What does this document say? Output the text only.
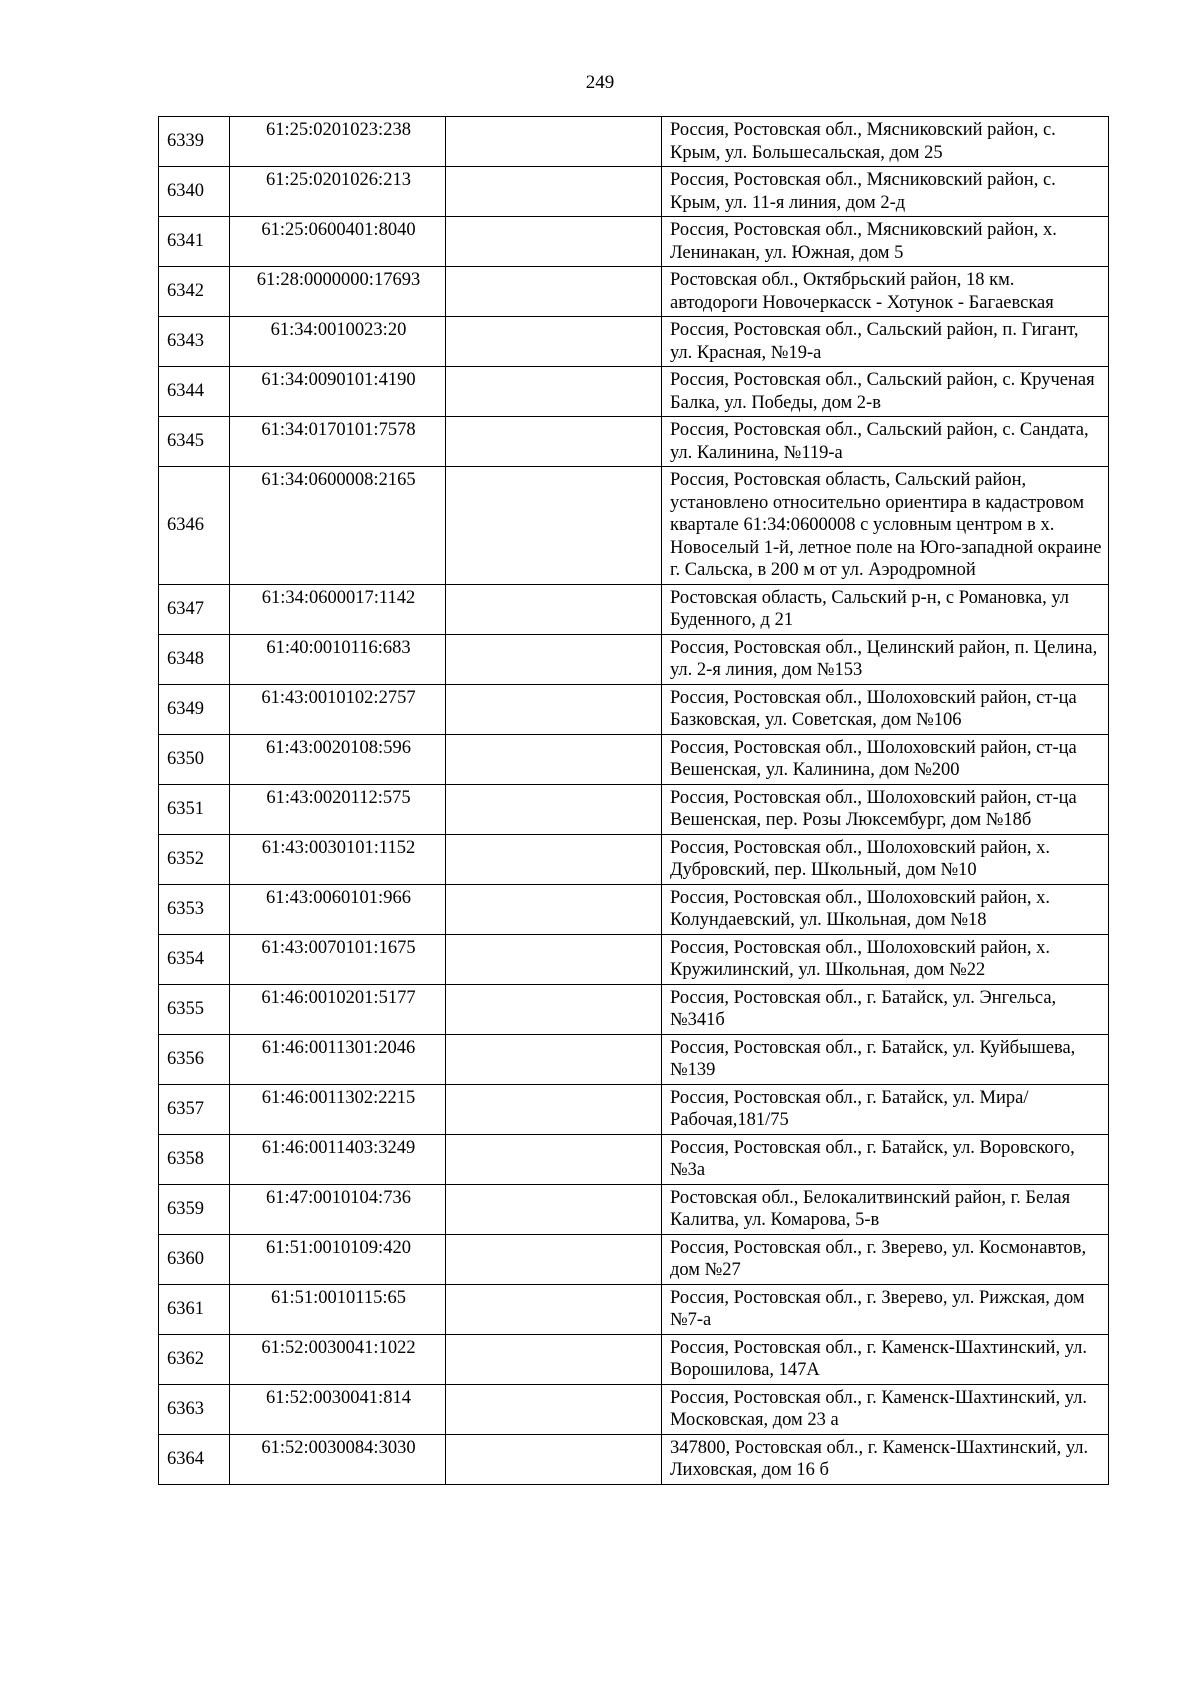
249
6339	61:25:0201023:238		Россия, Ростовская обл., Мясниковский район, с. Крым, ул. Большесальская, дом 25
6340	61:25:0201026:213		Россия, Ростовская обл., Мясниковский район, с. Крым, ул. 11-я линия, дом 2-д
6341	61:25:0600401:8040		Россия, Ростовская обл., Мясниковский район, х. Ленинакан, ул. Южная, дом 5
6342	61:28:0000000:17693		Ростовская обл., Октябрьский район, 18 км. автодороги Новочеркасск - Хотунок - Багаевская
6343	61:34:0010023:20		Россия, Ростовская обл., Сальский район, п. Гигант, ул. Красная, №19-а
6344	61:34:0090101:4190		Россия, Ростовская обл., Сальский район, с. Крученая Балка, ул. Победы, дом 2-в
6345	61:34:0170101:7578		Россия, Ростовская обл., Сальский район, с. Сандата, ул. Калинина, №119-а
6346	61:34:0600008:2165		Россия, Ростовская область, Сальский район, установлено относительно ориентира в кадастровом квартале 61:34:0600008 с условным центром в х. Новоселый 1-й, летное поле на Юго-западной окраине г. Сальска, в 200 м от ул. Аэродромной
6347	61:34:0600017:1142		Ростовская область, Сальский р-н, с Романовка, ул Буденного, д 21
6348	61:40:0010116:683		Россия, Ростовская обл., Целинский район, п. Целина, ул. 2-я линия, дом №153
6349	61:43:0010102:2757		Россия, Ростовская обл., Шолоховский район, ст-ца Базковская, ул. Советская, дом №106
6350	61:43:0020108:596		Россия, Ростовская обл., Шолоховский район, ст-ца Вешенская, ул. Калинина, дом №200
6351	61:43:0020112:575		Россия, Ростовская обл., Шолоховский район, ст-ца Вешенская, пер. Розы Люксембург, дом №18б
6352	61:43:0030101:1152		Россия, Ростовская обл., Шолоховский район, х. Дубровский, пер. Школьный, дом №10
6353	61:43:0060101:966		Россия, Ростовская обл., Шолоховский район, х. Колундаевский, ул. Школьная, дом №18
6354	61:43:0070101:1675		Россия, Ростовская обл., Шолоховский район, х. Кружилинский, ул. Школьная, дом №22
6355	61:46:0010201:5177		Россия, Ростовская обл., г. Батайск, ул. Энгельса, №341б
6356	61:46:0011301:2046		Россия, Ростовская обл., г. Батайск, ул. Куйбышева, №139
6357	61:46:0011302:2215		Россия, Ростовская обл., г. Батайск, ул. Мира/Рабочая,181/75
6358	61:46:0011403:3249		Россия, Ростовская обл., г. Батайск, ул. Воровского, №3а
6359	61:47:0010104:736		Ростовская обл., Белокалитвинский район, г. Белая Калитва, ул. Комарова, 5-в
6360	61:51:0010109:420		Россия, Ростовская обл., г. Зверево, ул. Космонавтов, дом №27
6361	61:51:0010115:65		Россия, Ростовская обл., г. Зверево, ул. Рижская, дом №7-а
6362	61:52:0030041:1022		Россия, Ростовская обл., г. Каменск-Шахтинский, ул. Ворошилова, 147А
6363	61:52:0030041:814		Россия, Ростовская обл., г. Каменск-Шахтинский, ул. Московская, дом 23 а
6364	61:52:0030084:3030		347800, Ростовская обл., г. Каменск-Шахтинский, ул. Лиховская, дом 16 б
